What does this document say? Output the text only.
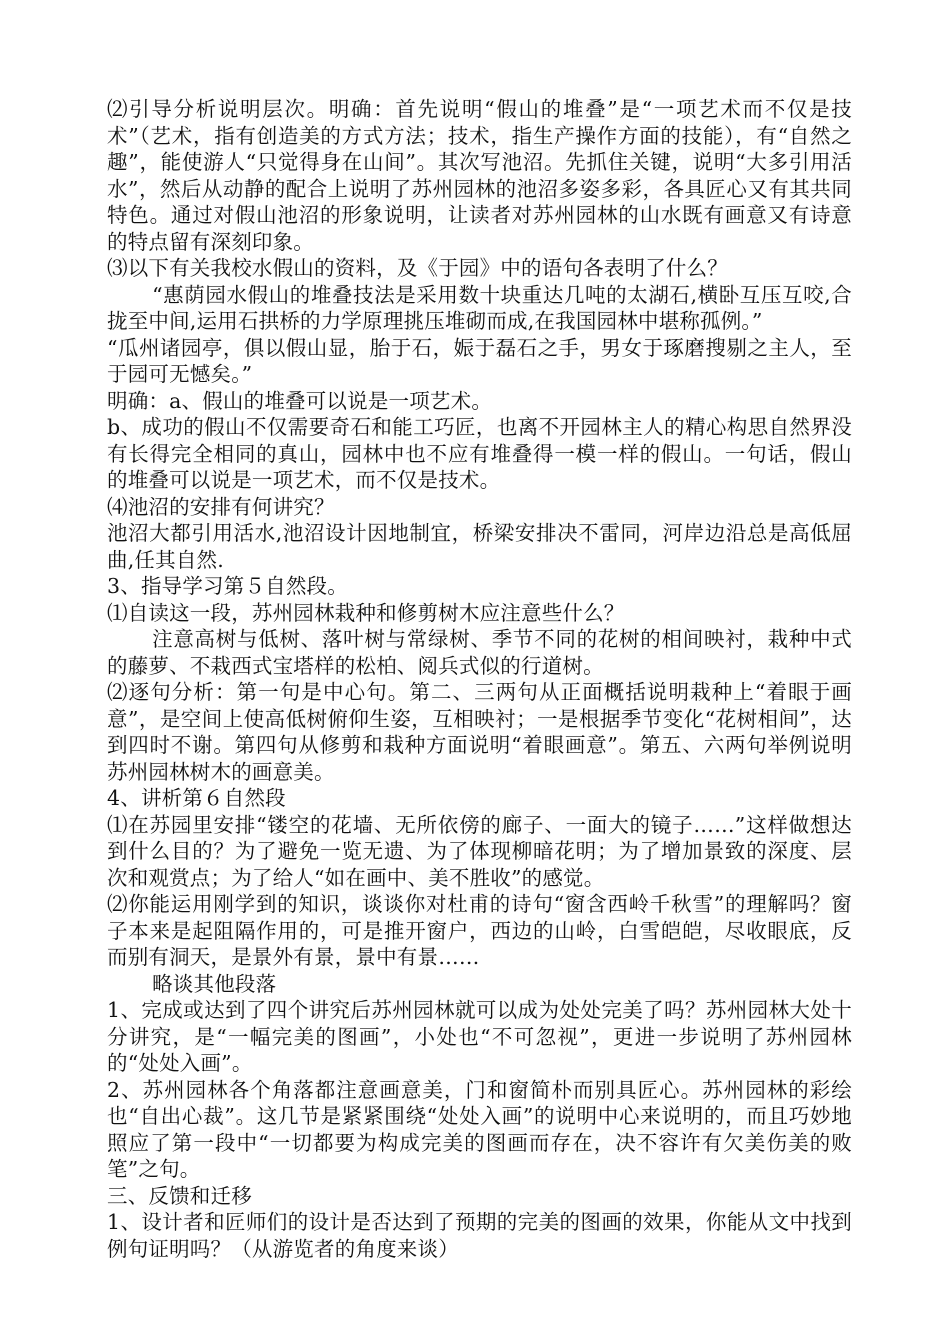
⑵引导分析说明层次。明确：首先说明“假山的堆叠”是“一项艺术而不仅是技术”（艺术，指有创造美的方式方法；技术，指生产操作方面的技能），有“自然之趣”，能使游人“只觉得身在山间”。其次写池沼。先抓住关键，说明“大多引用活水”，然后从动静的配合上说明了苏州园林的池沼多姿多彩，各具匠心又有其共同特色。通过对假山池沼的形象说明，让读者对苏州园林的山水既有画意又有诗意的特点留有深刻印象。

⑶以下有关我校水假山的资料，及《于园》中的语句各表明了什么？

“惠荫园水假山的堆叠技法是采用数十块重达几吨的太湖石,横卧互压互咬,合拢至中间,运用石拱桥的力学原理挑压堆砌而成,在我国园林中堪称孤例。”

“瓜州诸园亭，俱以假山显，胎于石，娠于磊石之手，男女于琢磨搜剔之主人，至于园可无憾矣。”

明确：a、假山的堆叠可以说是一项艺术。

b、成功的假山不仅需要奇石和能工巧匠，也离不开园林主人的精心构思自然界没有长得完全相同的真山，园林中也不应有堆叠得一模一样的假山。一句话，假山的堆叠可以说是一项艺术，而不仅是技术。

⑷池沼的安排有何讲究？

池沼大都引用活水,池沼设计因地制宜，桥梁安排决不雷同，河岸边沿总是高低屈曲,任其自然.

3、指导学习第５自然段。

⑴自读这一段，苏州园林栽种和修剪树木应注意些什么？

注意高树与低树、落叶树与常绿树、季节不同的花树的相间映衬，栽种中式的藤萝、不栽西式宝塔样的松柏、阅兵式似的行道树。

⑵逐句分析：第一句是中心句。第二、三两句从正面概括说明栽种上“着眼于画意”，是空间上使高低树俯仰生姿，互相映衬；一是根据季节变化“花树相间”，达到四时不谢。第四句从修剪和栽种方面说明“着眼画意”。第五、六两句举例说明苏州园林树木的画意美。

4、讲析第６自然段

⑴在苏园里安排“镂空的花墙、无所依傍的廊子、一面大的镜子……”这样做想达到什么目的？为了避免一览无遗、为了体现柳暗花明；为了增加景致的深度、层次和观赏点；为了给人“如在画中、美不胜收”的感觉。

⑵你能运用刚学到的知识，谈谈你对杜甫的诗句“窗含西岭千秋雪”的理解吗？窗子本来是起阻隔作用的，可是推开窗户，西边的山岭，白雪皑皑，尽收眼底，反而别有洞天，是景外有景，景中有景……

略谈其他段落

1、完成或达到了四个讲究后苏州园林就可以成为处处完美了吗？苏州园林大处十分讲究，是“一幅完美的图画”，小处也“不可忽视”，更进一步说明了苏州园林的“处处入画”。

2、苏州园林各个角落都注意画意美，门和窗简朴而别具匠心。苏州园林的彩绘也“自出心裁”。这几节是紧紧围绕“处处入画”的说明中心来说明的，而且巧妙地照应了第一段中“一切都要为构成完美的图画而存在，决不容许有欠美伤美的败笔”之句。

三、反馈和迁移

1、设计者和匠师们的设计是否达到了预期的完美的图画的效果，你能从文中找到例句证明吗？（从游览者的角度来谈）
